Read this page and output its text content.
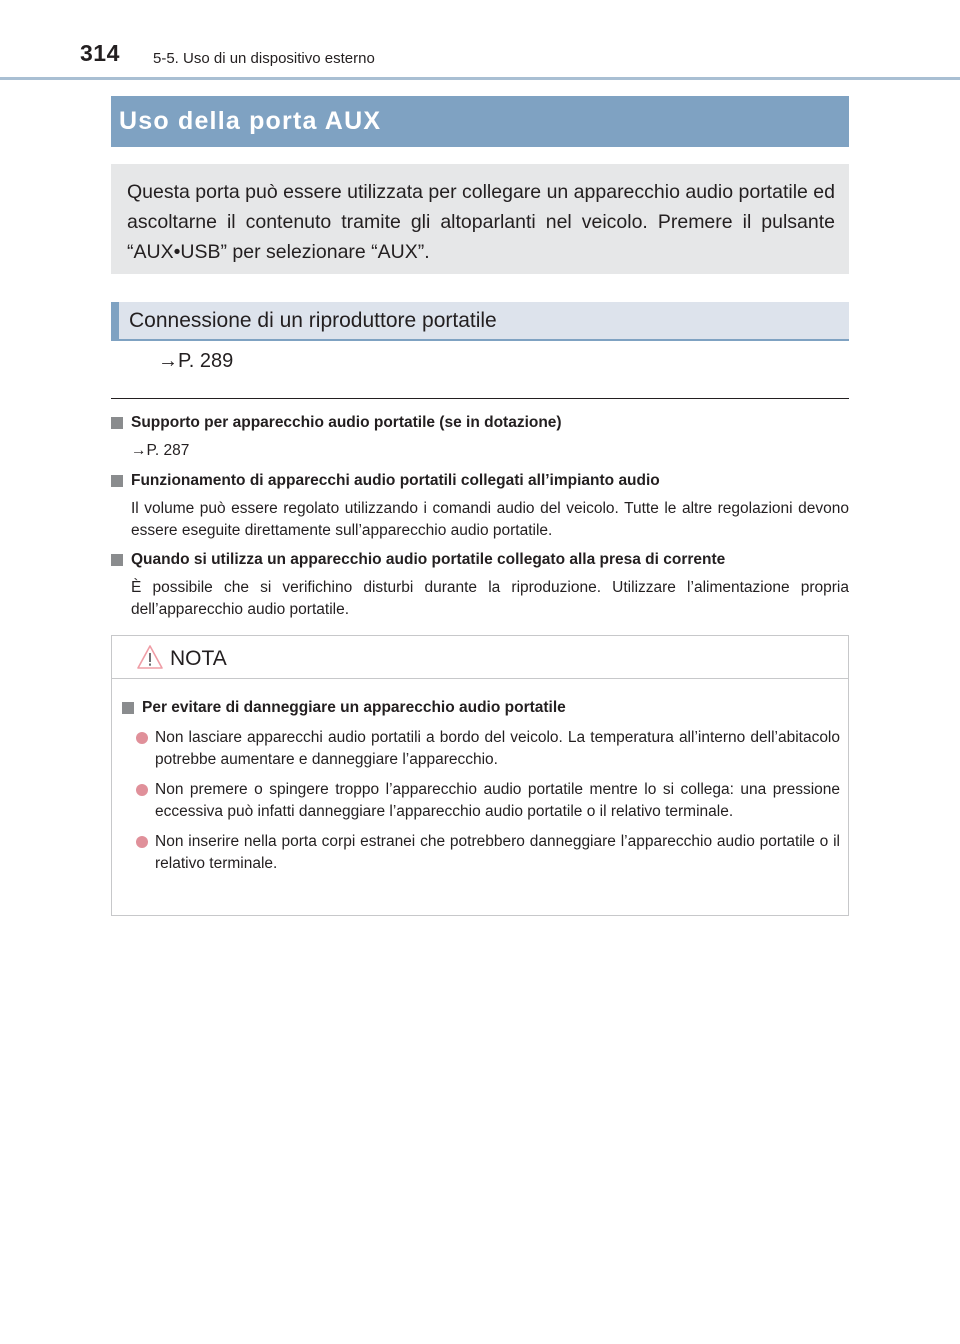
314 5-5. Uso di un dispositivo esterno
Uso della porta AUX
Questa porta può essere utilizzata per collegare un apparecchio audio portatile ed ascoltarne il contenuto tramite gli altoparlanti nel veicolo. Premere il pulsante “AUX•USB” per selezionare “AUX”.
Connessione di un riproduttore portatile
→P. 289
Supporto per apparecchio audio portatile (se in dotazione)
→P. 287
Funzionamento di apparecchi audio portatili collegati all’impianto audio
Il volume può essere regolato utilizzando i comandi audio del veicolo. Tutte le altre regolazioni devono essere eseguite direttamente sull’apparecchio audio portatile.
Quando si utilizza un apparecchio audio portatile collegato alla presa di corrente
È possibile che si verifichino disturbi durante la riproduzione. Utilizzare l’alimentazione propria dell’apparecchio audio portatile.
NOTA
Per evitare di danneggiare un apparecchio audio portatile
Non lasciare apparecchi audio portatili a bordo del veicolo. La temperatura all’interno dell’abitacolo potrebbe aumentare e danneggiare l’apparecchio.
Non premere o spingere troppo l’apparecchio audio portatile mentre lo si collega: una pressione eccessiva può infatti danneggiare l’apparecchio audio portatile o il relativo terminale.
Non inserire nella porta corpi estranei che potrebbero danneggiare l’apparecchio audio portatile o il relativo terminale.
